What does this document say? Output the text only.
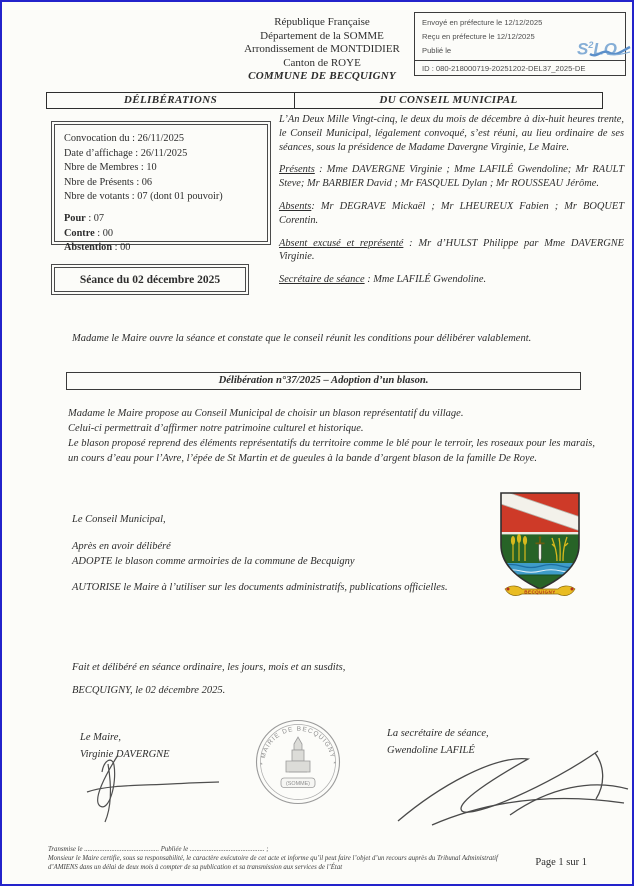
République Française
Département de la SOMME
Arrondissement de MONTDIDIER
Canton de ROYE
COMMUNE DE BECQUIGNY
Envoyé en préfecture le 12/12/2025
Reçu en préfecture le 12/12/2025
Publié le
ID : 080-218000719-20251202-DEL37_2025-DE
$S^2LO$
DÉLIBÉRATIONS	DU CONSEIL MUNICIPAL
Convocation du : 26/11/2025
Date d’affichage : 26/11/2025
Nbre de Membres : 10
Nbre de Présents : 06
Nbre de votants : 07 (dont 01 pouvoir)
Pour : 07
Contre : 00
Abstention : 00

L’An Deux Mille Vingt-cinq, le deux du mois de décembre à dix-huit heures trente, le Conseil Municipal, légalement convoqué, s’est réuni, au lieu ordinaire de ses séances, sous la présidence de Madame Davergne Virginie, Le Maire.

Présents : Mme DAVERGNE Virginie ; Mme LAFILÉ Gwendoline; Mr RAULT Steve; Mr BARBIER David ; Mr FASQUEL Dylan ; Mr ROUSSEAU Jérôme.

Absents: Mr DEGRAVE Mickaël ; Mr LHEUREUX Fabien ; Mr BOQUET Corentin.

Absent excusé et représenté : Mr d’HULST Philippe par Mme DAVERGNE Virginie.

Secrétaire de séance : Mme LAFILÉ Gwendoline.

Séance du 02 décembre 2025
Madame le Maire ouvre la séance et constate que le conseil réunit les conditions pour délibérer valablement.
Délibération n°37/2025 – Adoption d’un blason.

Madame le Maire propose au Conseil Municipal de choisir un blason représentatif du village.

Celui-ci permettrait d’affirmer notre patrimoine culturel et historique.

Le blason proposé reprend des éléments représentatifs du territoire comme le blé pour le terroir, les roseaux pour les marais, un cours d’eau pour l’Avre, l’épée de St Martin et de gueules à la bande d’argent blason de la famille De Roye.

Le Conseil Municipal,
Après en avoir délibéré
ADOPTE le blason comme armoiries de la commune de Becquigny
AUTORISE le Maire à l’utiliser sur les documents administratifs, publications officielles.	BECQUIGNY
Fait et délibéré en séance ordinaire, les jours, mois et an susdits,
BECQUIGNY, le 02 décembre 2025.
Le Maire,
Virginie DAVERGNE
* MAIRIE DE BECQUIGNY *
(SOMME)
La secrétaire de séance,
Gwendoline LAFILÉ
Transmise le ............................................ Publiée le ............................................ ;
Monsieur le Maire certifie, sous sa responsabilité, le caractère exécutoire de cet acte et informe qu’il peut faire l’objet d’un recours auprès du Tribunal Administratif
d’AMIENS dans un délai de deux mois à compter de sa publication et sa transmission aux services de l’État	Page 1 sur 1
